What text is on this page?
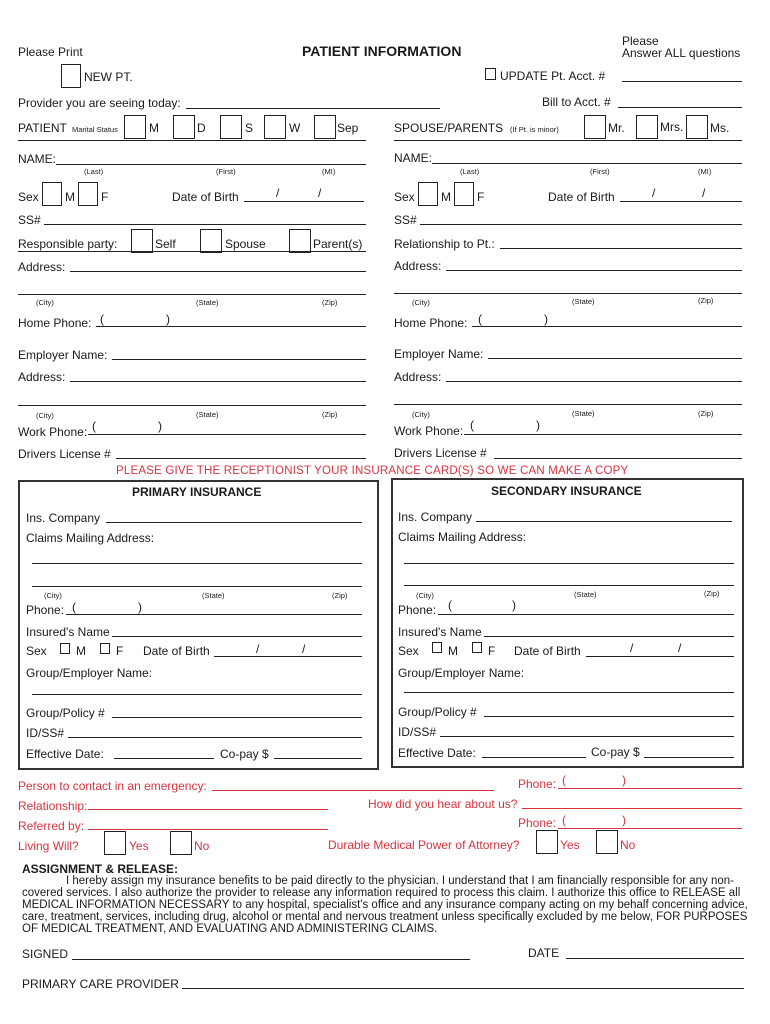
Please Print	PATIENT INFORMATION
Please
Answer ALL questions
NEW PT.	UPDATE Pt. Acct. #
Provider you are seeing today:	Bill to Acct. #
PATIENT Marital Status	M	D	S	W	Sep	SPOUSE/PARENTS (If Pt. is minor)	Mr.	Mrs. Ms.
NAME:
(Last)	(First)	(MI)
NAME:
(Last)	(First)	(MI)
Sex M F	Date of Birth	/	/	Sex M F	Date of Birth	/	/
SS#	SS#
Responsible party:	Self	Spouse	Parent(s)	Relationship to Pt.:
Address:
(City)	(State)	(Zip)
Address:
(City)	(State)	(Zip)
Home Phone: (	)	Home Phone: (	)
Employer Name:	Employer Name:
Address:
(City)	(State)	(Zip)
Address:
(City)	(State)	(Zip)
Work Phone: (	)	Work Phone: (	)
Drivers License #	Drivers License #
PLEASE GIVE THE RECEPTIONIST YOUR INSURANCE CARD(S) SO WE CAN MAKE A COPY
PRIMARY INSURANCE	SECONDARY INSURANCE
Ins. Company
Claims Mailing Address:
(City)	(State)	(Zip)
Phone: (	)
Insured's Name
Sex M	F Date of Birth	/	/
Group/Employer Name:
Group/Policy #
ID/SS#
Effective Date:	Co-pay $
Ins. Company
Claims Mailing Address:
(City)	(State)	(Zip)
Phone: (	)
Insured's Name
Sex M	F Date of Birth	/	/
Group/Employer Name:
Group/Policy #
ID/SS#
Effective Date:	Co-pay $
Person to contact in an emergency:	Phone: (	)
Relationship:	How did you hear about us?
Referred by:	Phone: (	)
Living Will?	Yes	No	Durable Medical Power of Attorney?	Yes	No
ASSIGNMENT & RELEASE:
I hereby assign my insurance benefits to be paid directly to the physician. I understand that I am financially responsible for any non-
covered services. I also authorize the provider to release any information required to process this claim. I authorize this office to RELEASE all
MEDICAL INFORMATION NECESSARY to any hospital, specialist's office and any insurance company acting on my behalf concerning advice,
care, treatment, services, including drug, alcohol or mental and nervous treatment unless specifically excluded by me below, FOR PURPOSES
OF MEDICAL TREATMENT, AND EVALUATING AND ADMINISTERING CLAIMS.
SIGNED	DATE
PRIMARY CARE PROVIDER
